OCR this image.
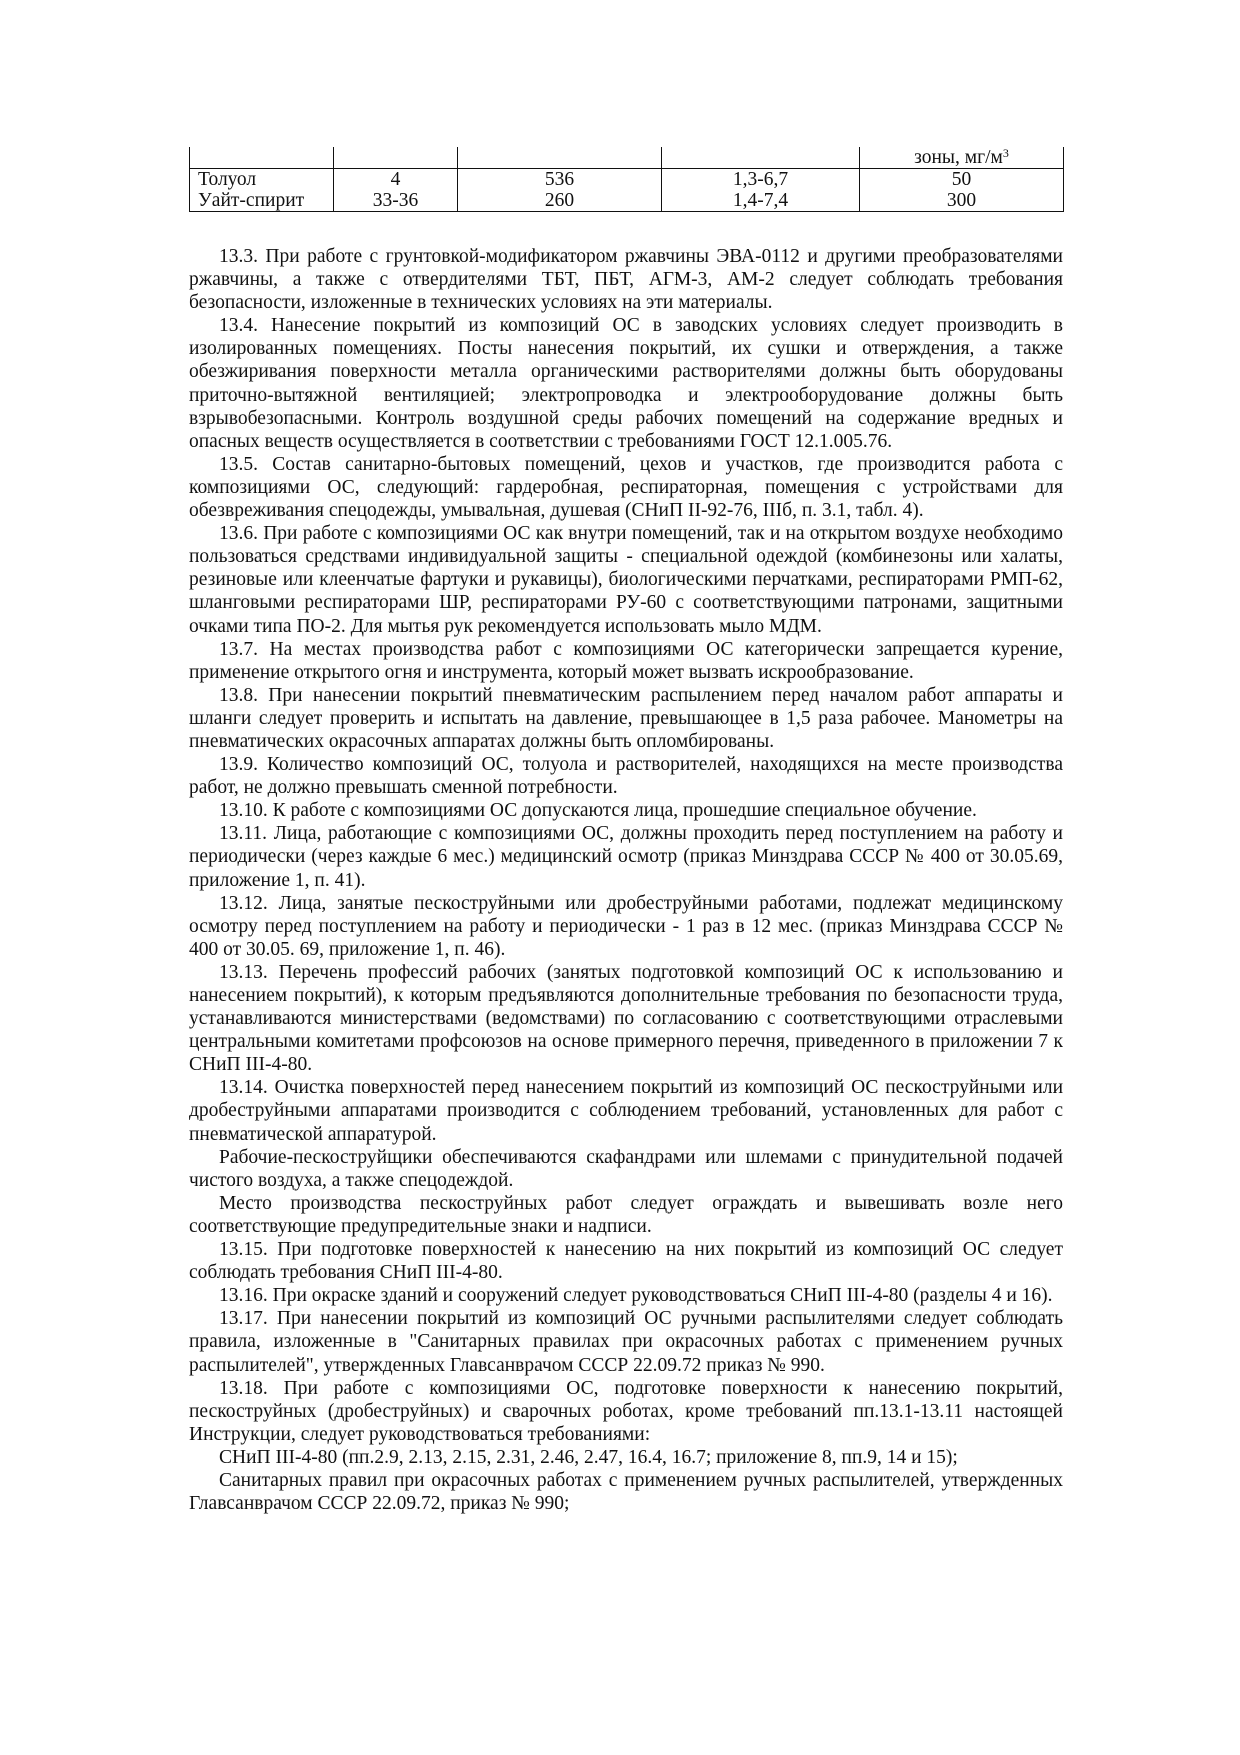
				зоны, $мг/м^3$
Толуол	4	536	1,3-6,7	50
Уайт-спирит	33-36	260	1,4-7,4	300

13.3. При работе с грунтовкой-модификатором ржавчины ЭВА-0112 и другими преобразователями ржавчины, а также с отвердителями ТБТ, ПБТ, АГМ-3, АМ-2 следует соблюдать требования безопасности, изложенные в технических условиях на эти материалы.

13.4. Нанесение покрытий из композиций ОС в заводских условиях следует производить в изолированных помещениях. Посты нанесения покрытий, их сушки и отверждения, а также обезжиривания поверхности металла органическими растворителями должны быть оборудованы приточно-вытяжной вентиляцией; электропроводка и электрооборудование должны быть взрывобезопасными. Контроль воздушной среды рабочих помещений на содержание вредных и опасных веществ осуществляется в соответствии с требованиями ГОСТ 12.1.005.76.

13.5. Состав санитарно-бытовых помещений, цехов и участков, где производится работа с композициями ОС, следующий: гардеробная, респираторная, помещения с устройствами для обезвреживания спецодежды, умывальная, душевая (СНиП II-92-76, IIIб, п. 3.1, табл. 4).

13.6. При работе с композициями ОС как внутри помещений, так и на открытом воздухе необходимо пользоваться средствами индивидуальной защиты - специальной одеждой (комбинезоны или халаты, резиновые или клеенчатые фартуки и рукавицы), биологическими перчатками, респираторами РМП-62, шланговыми респираторами ШР, респираторами РУ-60 с соответствующими патронами, защитными очками типа ПО-2. Для мытья рук рекомендуется использовать мыло МДМ.

13.7. На местах производства работ с композициями ОС категорически запрещается курение, применение открытого огня и инструмента, который может вызвать искрообразование.

13.8. При нанесении покрытий пневматическим распылением перед началом работ аппараты и шланги следует проверить и испытать на давление, превышающее в 1,5 раза рабочее. Манометры на пневматических окрасочных аппаратах должны быть опломбированы.

13.9. Количество композиций ОС, толуола и растворителей, находящихся на месте производства работ, не должно превышать сменной потребности.

13.10. К работе с композициями ОС допускаются лица, прошедшие специальное обучение.

13.11. Лица, работающие с композициями ОС, должны проходить перед поступлением на работу и периодически (через каждые 6 мес.) медицинский осмотр (приказ Минздрава СССР № 400 от 30.05.69, приложение 1, п. 41).

13.12. Лица, занятые пескоструйными или дробеструйными работами, подлежат медицинскому осмотру перед поступлением на работу и периодически - 1 раз в 12 мес. (приказ Минздрава СССР № 400 от 30.05. 69, приложение 1, п. 46).

13.13. Перечень профессий рабочих (занятых подготовкой композиций ОС к использованию и нанесением покрытий), к которым предъявляются дополнительные требования по безопасности труда, устанавливаются министерствами (ведомствами) по согласованию с соответствующими отраслевыми центральными комитетами профсоюзов на основе примерного перечня, приведенного в приложении 7 к СНиП III-4-80.

13.14. Очистка поверхностей перед нанесением покрытий из композиций ОС пескоструйными или дробеструйными аппаратами производится с соблюдением требований, установленных для работ с пневматической аппаратурой.

Рабочие-пескоструйщики обеспечиваются скафандрами или шлемами с принудительной подачей чистого воздуха, а также спецодеждой.

Место производства пескоструйных работ следует ограждать и вывешивать возле него соответствующие предупредительные знаки и надписи.

13.15. При подготовке поверхностей к нанесению на них покрытий из композиций ОС следует соблюдать требования СНиП III-4-80.

13.16. При окраске зданий и сооружений следует руководствоваться СНиП III-4-80 (разделы 4 и 16).

13.17. При нанесении покрытий из композиций ОС ручными распылителями следует соблюдать правила, изложенные в "Санитарных правилах при окрасочных работах с применением ручных распылителей", утвержденных Главсанврачом СССР 22.09.72 приказ № 990.

13.18. При работе с композициями ОС, подготовке поверхности к нанесению покрытий, пескоструйных (дробеструйных) и сварочных роботах, кроме требований пп.13.1-13.11 настоящей Инструкции, следует руководствоваться требованиями:

СНиП III-4-80 (пп.2.9, 2.13, 2.15, 2.31, 2.46, 2.47, 16.4, 16.7; приложение 8, пп.9, 14 и 15);

Санитарных правил при окрасочных работах с применением ручных распылителей, утвержденных Главсанврачом СССР 22.09.72, приказ № 990;
